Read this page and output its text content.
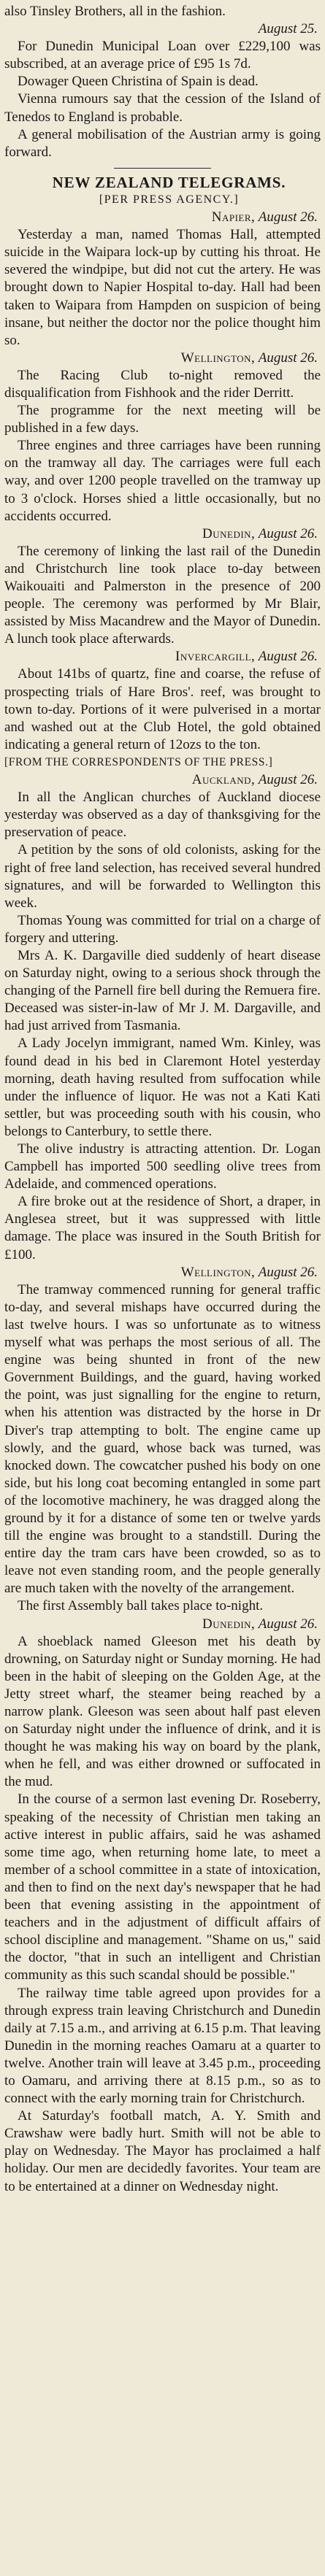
also Tinsley Brothers, all in the fashion.

August 25.

For Dunedin Municipal Loan over £229,100 was subscribed, at an average price of £95 1s 7d.

Dowager Queen Christina of Spain is dead.

Vienna rumours say that the cession of the Island of Tenedos to England is probable.

A general mobilisation of the Austrian army is going forward.

NEW ZEALAND TELEGRAMS.

[PER PRESS AGENCY.]

Napier, August 26.

Yesterday a man, named Thomas Hall, attempted suicide in the Waipara lock-up by cutting his throat. He severed the windpipe, but did not cut the artery. He was brought down to Napier Hospital to-day. Hall had been taken to Waipara from Hampden on suspicion of being insane, but neither the doctor nor the police thought him so.

Wellington, August 26.

The Racing Club to-night removed the disqualification from Fishhook and the rider Derritt.

The programme for the next meeting will be published in a few days.

Three engines and three carriages have been running on the tramway all day. The carriages were full each way, and over 1200 people travelled on the tramway up to 3 o'clock. Horses shied a little occasionally, but no accidents occurred.

Dunedin, August 26.

The ceremony of linking the last rail of the Dunedin and Christchurch line took place to-day between Waikouaiti and Palmerston in the presence of 200 people. The ceremony was performed by Mr Blair, assisted by Miss Macandrew and the Mayor of Dunedin. A lunch took place afterwards.

Invercargill, August 26.

About 141bs of quartz, fine and coarse, the refuse of prospecting trials of Hare Bros'. reef, was brought to town to-day. Portions of it were pulverised in a mortar and washed out at the Club Hotel, the gold obtained indicating a general return of 12ozs to the ton.

[FROM THE CORRESPONDENTS OF THE PRESS.]

Auckland, August 26.

In all the Anglican churches of Auckland diocese yesterday was observed as a day of thanksgiving for the preservation of peace.

A petition by the sons of old colonists, asking for the right of free land selection, has received several hundred signatures, and will be forwarded to Wellington this week.

Thomas Young was committed for trial on a charge of forgery and uttering.

Mrs A. K. Dargaville died suddenly of heart disease on Saturday night, owing to a serious shock through the changing of the Parnell fire bell during the Remuera fire. Deceased was sister-in-law of Mr J. M. Dargaville, and had just arrived from Tasmania.

A Lady Jocelyn immigrant, named Wm. Kinley, was found dead in his bed in Claremont Hotel yesterday morning, death having resulted from suffocation while under the influence of liquor. He was not a Kati Kati settler, but was proceeding south with his cousin, who belongs to Canterbury, to settle there.

The olive industry is attracting attention. Dr. Logan Campbell has imported 500 seedling olive trees from Adelaide, and commenced operations.

A fire broke out at the residence of Short, a draper, in Anglesea street, but it was suppressed with little damage. The place was insured in the South British for £100.

Wellington, August 26.

The tramway commenced running for general traffic to-day, and several mishaps have occurred during the last twelve hours. I was so unfortunate as to witness myself what was perhaps the most serious of all. The engine was being shunted in front of the new Government Buildings, and the guard, having worked the point, was just signalling for the engine to return, when his attention was distracted by the horse in Dr Diver's trap attempting to bolt. The engine came up slowly, and the guard, whose back was turned, was knocked down. The cowcatcher pushed his body on one side, but his long coat becoming entangled in some part of the locomotive machinery, he was dragged along the ground by it for a distance of some ten or twelve yards till the engine was brought to a standstill. During the entire day the tram cars have been crowded, so as to leave not even standing room, and the people generally are much taken with the novelty of the arrangement.

The first Assembly ball takes place to-night.

Dunedin, August 26.

A shoeblack named Gleeson met his death by drowning, on Saturday night or Sunday morning. He had been in the habit of sleeping on the Golden Age, at the Jetty street wharf, the steamer being reached by a narrow plank. Gleeson was seen about half past eleven on Saturday night under the influence of drink, and it is thought he was making his way on board by the plank, when he fell, and was either drowned or suffocated in the mud.

In the course of a sermon last evening Dr. Roseberry, speaking of the necessity of Christian men taking an active interest in public affairs, said he was ashamed some time ago, when returning home late, to meet a member of a school committee in a state of intoxication, and then to find on the next day's newspaper that he had been that evening assisting in the appointment of teachers and in the adjustment of difficult affairs of school discipline and management. "Shame on us," said the doctor, "that in such an intelligent and Christian community as this such scandal should be possible."

The railway time table agreed upon provides for a through express train leaving Christchurch and Dunedin daily at 7.15 a.m., and arriving at 6.15 p.m. That leaving Dunedin in the morning reaches Oamaru at a quarter to twelve. Another train will leave at 3.45 p.m., proceeding to Oamaru, and arriving there at 8.15 p.m., so as to connect with the early morning train for Christchurch.

At Saturday's football match, A. Y. Smith and Crawshaw were badly hurt. Smith will not be able to play on Wednesday. The Mayor has proclaimed a half holiday. Our men are decidedly favorites. Your team are to be entertained at a dinner on Wednesday night.
